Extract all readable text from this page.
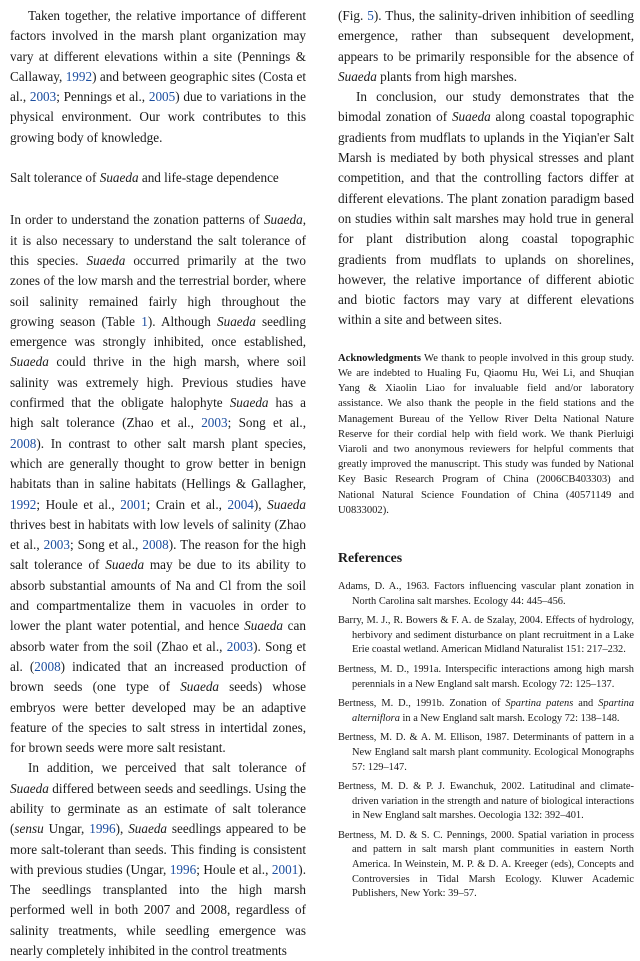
Taken together, the relative importance of different factors involved in the marsh plant organization may vary at different elevations within a site (Pennings & Callaway, 1992) and between geographic sites (Costa et al., 2003; Pennings et al., 2005) due to variations in the physical environment. Our work contributes to this growing body of knowledge.

Salt tolerance of Suaeda and life-stage dependence

In order to understand the zonation patterns of Suaeda, it is also necessary to understand the salt tolerance of this species. Suaeda occurred primarily at the two zones of the low marsh and the terrestrial border, where soil salinity remained fairly high throughout the growing season (Table 1). Although Suaeda seedling emergence was strongly inhibited, once established, Suaeda could thrive in the high marsh, where soil salinity was extremely high. Previous studies have confirmed that the obligate halophyte Suaeda has a high salt tolerance (Zhao et al., 2003; Song et al., 2008). In contrast to other salt marsh plant species, which are generally thought to grow better in benign habitats than in saline habitats (Hellings & Gallagher, 1992; Houle et al., 2001; Crain et al., 2004), Suaeda thrives best in habitats with low levels of salinity (Zhao et al., 2003; Song et al., 2008). The reason for the high salt tolerance of Suaeda may be due to its ability to absorb substantial amounts of Na and Cl from the soil and compartmentalize them in vacuoles in order to lower the plant water potential, and hence Suaeda can absorb water from the soil (Zhao et al., 2003). Song et al. (2008) indicated that an increased production of brown seeds (one type of Suaeda seeds) whose embryos were better developed may be an adaptive feature of the species to salt stress in intertidal zones, for brown seeds were more salt resistant.

In addition, we perceived that salt tolerance of Suaeda differed between seeds and seedlings. Using the ability to germinate as an estimate of salt tolerance (sensu Ungar, 1996), Suaeda seedlings appeared to be more salt-tolerant than seeds. This finding is consistent with previous studies (Ungar, 1996; Houle et al., 2001). The seedlings transplanted into the high marsh performed well in both 2007 and 2008, regardless of salinity treatments, while seedling emergence was nearly completely inhibited in the control treatments

(Fig. 5). Thus, the salinity-driven inhibition of seedling emergence, rather than subsequent development, appears to be primarily responsible for the absence of Suaeda plants from high marshes.

In conclusion, our study demonstrates that the bimodal zonation of Suaeda along coastal topographic gradients from mudflats to uplands in the Yiqian'er Salt Marsh is mediated by both physical stresses and plant competition, and that the controlling factors differ at different elevations. The plant zonation paradigm based on studies within salt marshes may hold true in general for plant distribution along coastal topographic gradients from mudflats to uplands on shorelines, however, the relative importance of different abiotic and biotic factors may vary at different elevations within a site and between sites.

Acknowledgments We thank to people involved in this group study. We are indebted to Hualing Fu, Qiaomu Hu, Wei Li, and Shuqian Yang & Xiaolin Liao for invaluable field and/or laboratory assistance. We also thank the people in the field stations and the Management Bureau of the Yellow River Delta National Nature Reserve for their cordial help with field work. We thank Pierluigi Viaroli and two anonymous reviewers for helpful comments that greatly improved the manuscript. This study was funded by National Key Basic Research Program of China (2006CB403303) and National Natural Science Foundation of China (40571149 and U0833002).

References
Adams, D. A., 1963. Factors influencing vascular plant zonation in North Carolina salt marshes. Ecology 44: 445–456.
Barry, M. J., R. Bowers & F. A. de Szalay, 2004. Effects of hydrology, herbivory and sediment disturbance on plant recruitment in a Lake Erie coastal wetland. American Midland Naturalist 151: 217–232.
Bertness, M. D., 1991a. Interspecific interactions among high marsh perennials in a New England salt marsh. Ecology 72: 125–137.
Bertness, M. D., 1991b. Zonation of Spartina patens and Spartina alterniflora in a New England salt marsh. Ecology 72: 138–148.
Bertness, M. D. & A. M. Ellison, 1987. Determinants of pattern in a New England salt marsh plant community. Ecological Monographs 57: 129–147.
Bertness, M. D. & P. J. Ewanchuk, 2002. Latitudinal and climate-driven variation in the strength and nature of biological interactions in New England salt marshes. Oecologia 132: 392–401.
Bertness, M. D. & S. C. Pennings, 2000. Spatial variation in process and pattern in salt marsh plant communities in eastern North America. In Weinstein, M. P. & D. A. Kreeger (eds), Concepts and Controversies in Tidal Marsh Ecology. Kluwer Academic Publishers, New York: 39–57.
